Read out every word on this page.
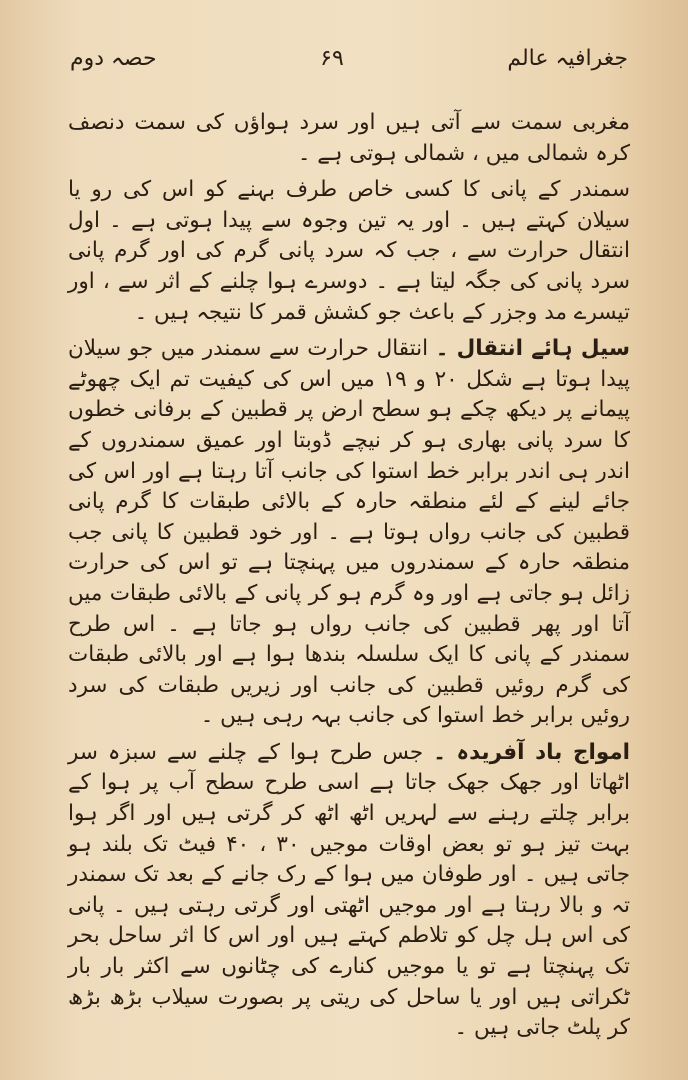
جغرافیہ عالم
۶۹
حصہ دوم

مغربی سمت سے آتی ہیں اور سرد ہواؤں کی سمت دنصف کرہ شمالی میں ، شمالی ہوتی ہے ۔

سمندر کے پانی کا کسی خاص طرف بہنے کو اس کی رو یا سیلان کہتے ہیں ۔ اور یہ تین وجوہ سے پیدا ہوتی ہے ۔ اول انتقال حرارت سے ، جب کہ سرد پانی گرم کی اور گرم پانی سرد پانی کی جگہ لیتا ہے ۔ دوسرے ہوا چلنے کے اثر سے ، اور تیسرے مد وجزر کے باعث جو کشش قمر کا نتیجہ ہیں ۔

سیل ہائے انتقال ۔ انتقال حرارت سے سمندر میں جو سیلان پیدا ہوتا ہے شکل ۲۰ و ۱۹ میں اس کی کیفیت تم ایک چھوٹے پیمانے پر دیکھ چکے ہو سطح ارض پر قطبین کے برفانی خطوں کا سرد پانی بھاری ہو کر نیچے ڈوبتا اور عمیق سمندروں کے اندر ہی اندر برابر خط استوا کی جانب آتا رہتا ہے اور اس کی جائے لینے کے لئے منطقہ حارہ کے بالائی طبقات کا گرم پانی قطبین کی جانب رواں ہوتا ہے ۔ اور خود قطبین کا پانی جب منطقہ حارہ کے سمندروں میں پہنچتا ہے تو اس کی حرارت زائل ہو جاتی ہے اور وہ گرم ہو کر پانی کے بالائی طبقات میں آتا اور پھر قطبین کی جانب رواں ہو جاتا ہے ۔ اس طرح سمندر کے پانی کا ایک سلسلہ بندھا ہوا ہے اور بالائی طبقات کی گرم روئیں قطبین کی جانب اور زیریں طبقات کی سرد روئیں برابر خط استوا کی جانب بہہ رہی ہیں ۔

امواج باد آفریدہ ۔ جس طرح ہوا کے چلنے سے سبزہ سر اٹھاتا اور جھک جھک جاتا ہے اسی طرح سطح آب پر ہوا کے برابر چلتے رہنے سے لہریں اٹھ اٹھ کر گرتی ہیں اور اگر ہوا بہت تیز ہو تو بعض اوقات موجیں ۳۰ ، ۴۰ فیٹ تک بلند ہو جاتی ہیں ۔ اور طوفان میں ہوا کے رک جانے کے بعد تک سمندر تہ و بالا رہتا ہے اور موجیں اٹھتی اور گرتی رہتی ہیں ۔ پانی کی اس ہل چل کو تلاطم کہتے ہیں اور اس کا اثر ساحل بحر تک پہنچتا ہے تو یا موجیں کنارے کی چٹانوں سے اکثر بار بار ٹکراتی ہیں اور یا ساحل کی ریتی پر بصورت سیلاب بڑھ بڑھ کر پلٹ جاتی ہیں ۔
